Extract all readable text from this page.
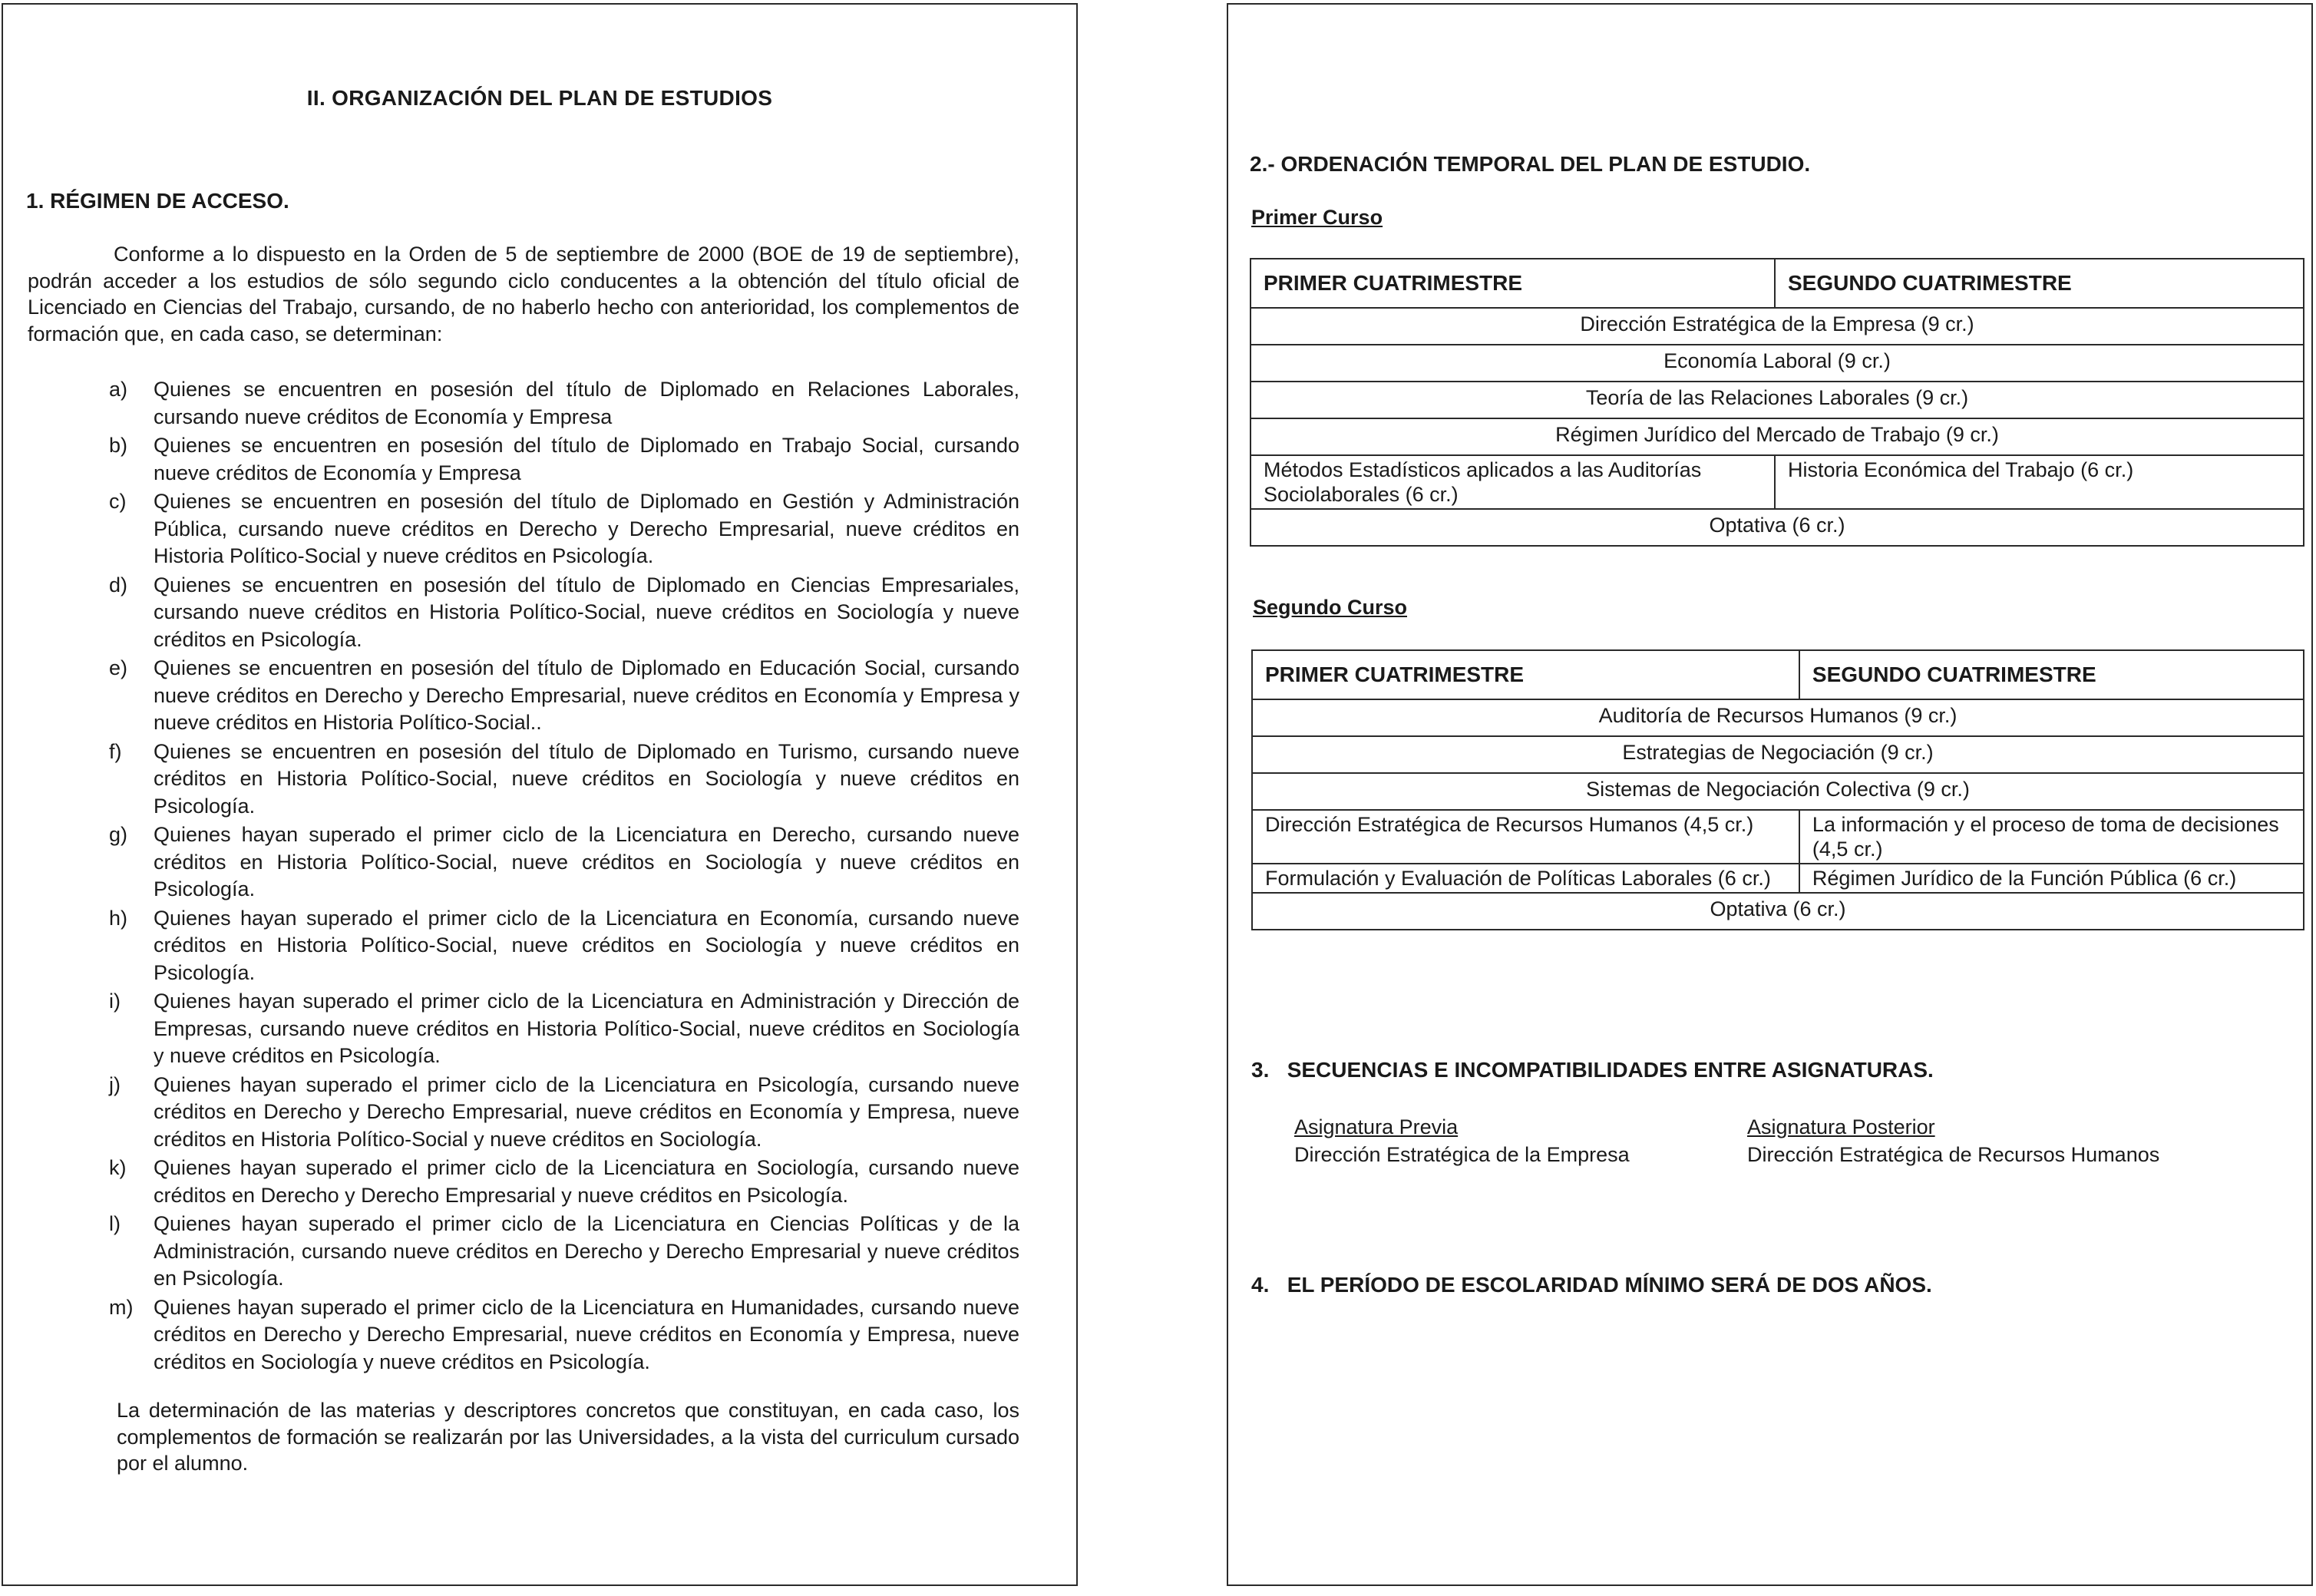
II. ORGANIZACIÓN DEL PLAN DE ESTUDIOS
1. RÉGIMEN DE ACCESO.
Conforme a lo dispuesto en la Orden de 5 de septiembre de 2000 (BOE de 19 de septiembre), podrán acceder a los estudios de sólo segundo ciclo conducentes a la obtención del título oficial de Licenciado en Ciencias del Trabajo, cursando, de no haberlo hecho con anterioridad, los complementos de formación que, en cada caso, se determinan:
a) Quienes se encuentren en posesión del título de Diplomado en Relaciones Laborales, cursando nueve créditos de Economía y Empresa
b) Quienes se encuentren en posesión del título de Diplomado en Trabajo Social, cursando nueve créditos de Economía y Empresa
c) Quienes se encuentren en posesión del título de Diplomado en Gestión y Administración Pública, cursando nueve créditos en Derecho y Derecho Empresarial, nueve créditos en Historia Político-Social y nueve créditos en Psicología.
d) Quienes se encuentren en posesión del título de Diplomado en Ciencias Empresariales, cursando nueve créditos en Historia Político-Social, nueve créditos en Sociología y nueve créditos en Psicología.
e) Quienes se encuentren en posesión del título de Diplomado en Educación Social, cursando nueve créditos en Derecho y Derecho Empresarial, nueve créditos en Economía y Empresa y nueve créditos en Historia Político-Social..
f) Quienes se encuentren en posesión del título de Diplomado en Turismo, cursando nueve créditos en Historia Político-Social, nueve créditos en Sociología y nueve créditos en Psicología.
g) Quienes hayan superado el primer ciclo de la Licenciatura en Derecho, cursando nueve créditos en Historia Político-Social, nueve créditos en Sociología y nueve créditos en Psicología.
h) Quienes hayan superado el primer ciclo de la Licenciatura en Economía, cursando nueve créditos en Historia Político-Social, nueve créditos en Sociología y nueve créditos en Psicología.
i) Quienes hayan superado el primer ciclo de la Licenciatura en Administración y Dirección de Empresas, cursando nueve créditos en Historia Político-Social, nueve créditos en Sociología y nueve créditos en Psicología.
j) Quienes hayan superado el primer ciclo de la Licenciatura en Psicología, cursando nueve créditos en Derecho y Derecho Empresarial, nueve créditos en Economía y Empresa, nueve créditos en Historia Político-Social y nueve créditos en Sociología.
k) Quienes hayan superado el primer ciclo de la Licenciatura en Sociología, cursando nueve créditos en Derecho y Derecho Empresarial y nueve créditos en Psicología.
l) Quienes hayan superado el primer ciclo de la Licenciatura en Ciencias Políticas y de la Administración, cursando nueve créditos en Derecho y Derecho Empresarial y nueve créditos en Psicología.
m) Quienes hayan superado el primer ciclo de la Licenciatura en Humanidades, cursando nueve créditos en Derecho y Derecho Empresarial, nueve créditos en Economía y Empresa, nueve créditos en Sociología y nueve créditos en Psicología.
La determinación de las materias y descriptores concretos que constituyan, en cada caso, los complementos de formación se realizarán por las Universidades, a la vista del curriculum cursado por el alumno.
2.- ORDENACIÓN TEMPORAL DEL PLAN DE ESTUDIO.
Primer Curso
PRIMER CUATRIMESTRE	SEGUNDO CUATRIMESTRE
Dirección Estratégica de la Empresa (9 cr.)	
Economía Laboral (9 cr.)	
Teoría de las Relaciones Laborales (9 cr.)	
Régimen Jurídico del Mercado de Trabajo (9 cr.)	
Métodos Estadísticos aplicados a las Auditorías Sociolaborales (6 cr.)	Historia Económica del Trabajo (6 cr.)
Optativa (6 cr.)	
Segundo Curso
PRIMER CUATRIMESTRE	SEGUNDO CUATRIMESTRE
Auditoría de Recursos Humanos (9 cr.)	
Estrategias de Negociación (9 cr.)	
Sistemas de Negociación Colectiva (9 cr.)	
Dirección Estratégica de Recursos Humanos (4,5 cr.)	La información y el proceso de toma de decisiones (4,5 cr.)
Formulación y Evaluación de Políticas Laborales (6 cr.)	Régimen Jurídico de la Función Pública (6 cr.)
Optativa (6 cr.)	
3.   SECUENCIAS E INCOMPATIBILIDADES ENTRE ASIGNATURAS.
Asignatura Previa
Dirección Estratégica de la Empresa
Asignatura Posterior
Dirección Estratégica de Recursos Humanos
4.   EL PERÍODO DE ESCOLARIDAD MÍNIMO SERÁ DE DOS AÑOS.
